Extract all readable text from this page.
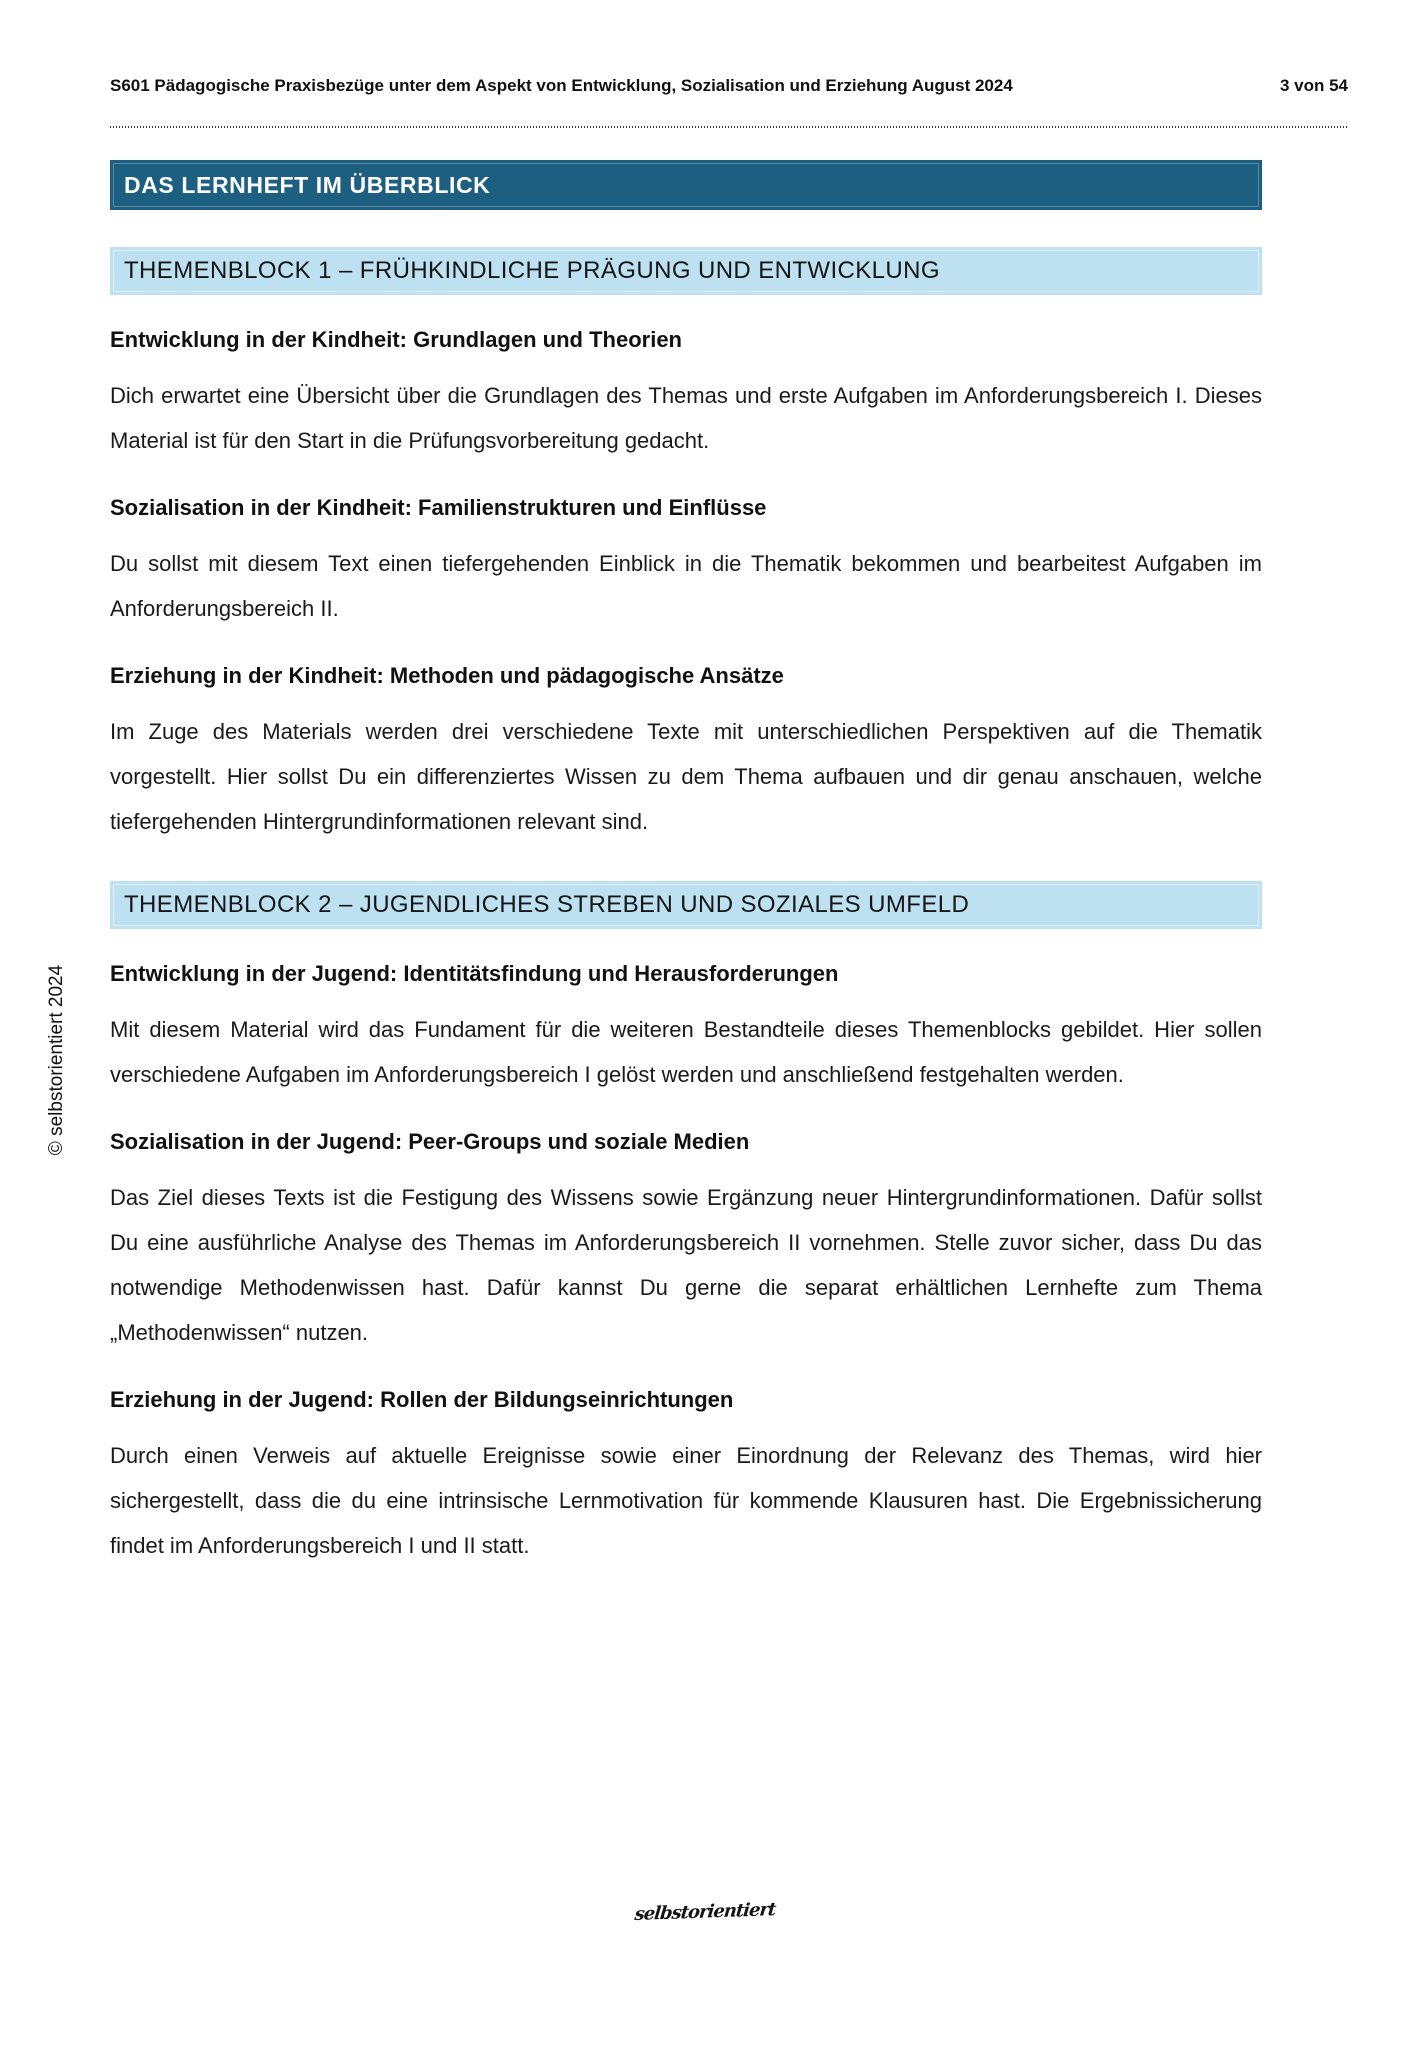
S601 Pädagogische Praxisbezüge unter dem Aspekt von Entwicklung, Sozialisation und Erziehung August 2024	3 von 54
DAS LERNHEFT IM ÜBERBLICK
THEMENBLOCK 1 – FRÜHKINDLICHE PRÄGUNG UND ENTWICKLUNG

Entwicklung in der Kindheit: Grundlagen und Theorien

Dich erwartet eine Übersicht über die Grundlagen des Themas und erste Aufgaben im Anforderungsbereich I. Dieses Material ist für den Start in die Prüfungsvorbereitung gedacht.

Sozialisation in der Kindheit: Familienstrukturen und Einflüsse

Du sollst mit diesem Text einen tiefergehenden Einblick in die Thematik bekommen und bearbeitest Aufgaben im Anforderungsbereich II.

Erziehung in der Kindheit: Methoden und pädagogische Ansätze

Im Zuge des Materials werden drei verschiedene Texte mit unterschiedlichen Perspektiven auf die Thematik vorgestellt. Hier sollst Du ein differenziertes Wissen zu dem Thema aufbauen und dir genau anschauen, welche tiefergehenden Hintergrundinformationen relevant sind.

THEMENBLOCK 2 – JUGENDLICHES STREBEN UND SOZIALES UMFELD

Entwicklung in der Jugend: Identitätsfindung und Herausforderungen

Mit diesem Material wird das Fundament für die weiteren Bestandteile dieses Themenblocks gebildet. Hier sollen verschiedene Aufgaben im Anforderungsbereich I gelöst werden und anschließend festgehalten werden.

Sozialisation in der Jugend: Peer-Groups und soziale Medien

Das Ziel dieses Texts ist die Festigung des Wissens sowie Ergänzung neuer Hintergrundinformationen. Dafür sollst Du eine ausführliche Analyse des Themas im Anforderungsbereich II vornehmen. Stelle zuvor sicher, dass Du das notwendige Methodenwissen hast. Dafür kannst Du gerne die separat erhältlichen Lernhefte zum Thema „Methodenwissen“ nutzen.

Erziehung in der Jugend: Rollen der Bildungseinrichtungen

Durch einen Verweis auf aktuelle Ereignisse sowie einer Einordnung der Relevanz des Themas, wird hier sichergestellt, dass die du eine intrinsische Lernmotivation für kommende Klausuren hast. Die Ergebnissicherung findet im Anforderungsbereich I und II statt.

© selbstorientiert 2024
selbstorientiert
